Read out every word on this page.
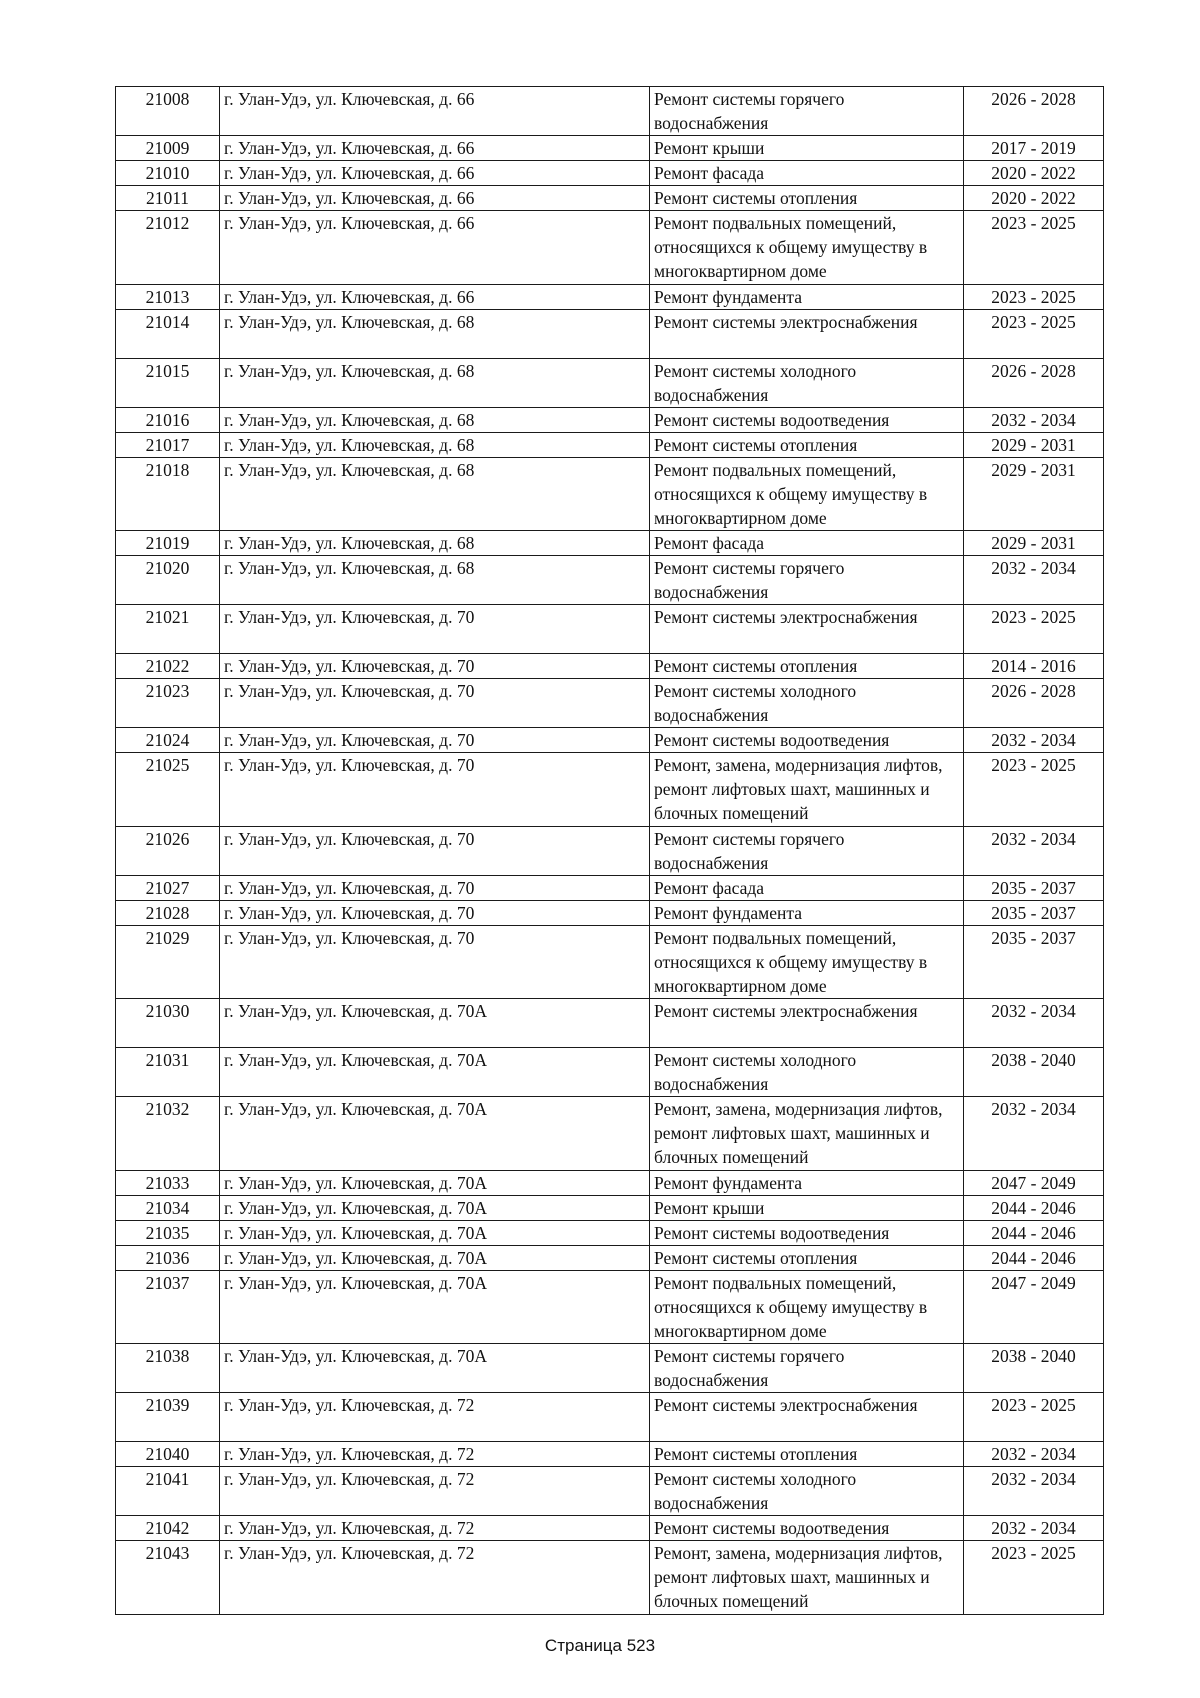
21008	г. Улан-Удэ, ул. Ключевская, д. 66	Ремонт системы горячего водоснабжения	2026 - 2028
21009	г. Улан-Удэ, ул. Ключевская, д. 66	Ремонт крыши	2017 - 2019
21010	г. Улан-Удэ, ул. Ключевская, д. 66	Ремонт фасада	2020 - 2022
21011	г. Улан-Удэ, ул. Ключевская, д. 66	Ремонт системы отопления	2020 - 2022
21012	г. Улан-Удэ, ул. Ключевская, д. 66	Ремонт подвальных помещений, относящихся к общему имуществу в многоквартирном доме	2023 - 2025
21013	г. Улан-Удэ, ул. Ключевская, д. 66	Ремонт фундамента	2023 - 2025
21014	г. Улан-Удэ, ул. Ключевская, д. 68	Ремонт системы электроснабжения	2023 - 2025
21015	г. Улан-Удэ, ул. Ключевская, д. 68	Ремонт системы холодного водоснабжения	2026 - 2028
21016	г. Улан-Удэ, ул. Ключевская, д. 68	Ремонт системы водоотведения	2032 - 2034
21017	г. Улан-Удэ, ул. Ключевская, д. 68	Ремонт системы отопления	2029 - 2031
21018	г. Улан-Удэ, ул. Ключевская, д. 68	Ремонт подвальных помещений, относящихся к общему имуществу в многоквартирном доме	2029 - 2031
21019	г. Улан-Удэ, ул. Ключевская, д. 68	Ремонт фасада	2029 - 2031
21020	г. Улан-Удэ, ул. Ключевская, д. 68	Ремонт системы горячего водоснабжения	2032 - 2034
21021	г. Улан-Удэ, ул. Ключевская, д. 70	Ремонт системы электроснабжения	2023 - 2025
21022	г. Улан-Удэ, ул. Ключевская, д. 70	Ремонт системы отопления	2014 - 2016
21023	г. Улан-Удэ, ул. Ключевская, д. 70	Ремонт системы холодного водоснабжения	2026 - 2028
21024	г. Улан-Удэ, ул. Ключевская, д. 70	Ремонт системы водоотведения	2032 - 2034
21025	г. Улан-Удэ, ул. Ключевская, д. 70	Ремонт, замена, модернизация лифтов, ремонт лифтовых шахт, машинных и блочных помещений	2023 - 2025
21026	г. Улан-Удэ, ул. Ключевская, д. 70	Ремонт системы горячего водоснабжения	2032 - 2034
21027	г. Улан-Удэ, ул. Ключевская, д. 70	Ремонт фасада	2035 - 2037
21028	г. Улан-Удэ, ул. Ключевская, д. 70	Ремонт фундамента	2035 - 2037
21029	г. Улан-Удэ, ул. Ключевская, д. 70	Ремонт подвальных помещений, относящихся к общему имуществу в многоквартирном доме	2035 - 2037
21030	г. Улан-Удэ, ул. Ключевская, д. 70А	Ремонт системы электроснабжения	2032 - 2034
21031	г. Улан-Удэ, ул. Ключевская, д. 70А	Ремонт системы холодного водоснабжения	2038 - 2040
21032	г. Улан-Удэ, ул. Ключевская, д. 70А	Ремонт, замена, модернизация лифтов, ремонт лифтовых шахт, машинных и блочных помещений	2032 - 2034
21033	г. Улан-Удэ, ул. Ключевская, д. 70А	Ремонт фундамента	2047 - 2049
21034	г. Улан-Удэ, ул. Ключевская, д. 70А	Ремонт крыши	2044 - 2046
21035	г. Улан-Удэ, ул. Ключевская, д. 70А	Ремонт системы водоотведения	2044 - 2046
21036	г. Улан-Удэ, ул. Ключевская, д. 70А	Ремонт системы отопления	2044 - 2046
21037	г. Улан-Удэ, ул. Ключевская, д. 70А	Ремонт подвальных помещений, относящихся к общему имуществу в многоквартирном доме	2047 - 2049
21038	г. Улан-Удэ, ул. Ключевская, д. 70А	Ремонт системы горячего водоснабжения	2038 - 2040
21039	г. Улан-Удэ, ул. Ключевская, д. 72	Ремонт системы электроснабжения	2023 - 2025
21040	г. Улан-Удэ, ул. Ключевская, д. 72	Ремонт системы отопления	2032 - 2034
21041	г. Улан-Удэ, ул. Ключевская, д. 72	Ремонт системы холодного водоснабжения	2032 - 2034
21042	г. Улан-Удэ, ул. Ключевская, д. 72	Ремонт системы водоотведения	2032 - 2034
21043	г. Улан-Удэ, ул. Ключевская, д. 72	Ремонт, замена, модернизация лифтов, ремонт лифтовых шахт, машинных и блочных помещений	2023 - 2025
Страница 523
